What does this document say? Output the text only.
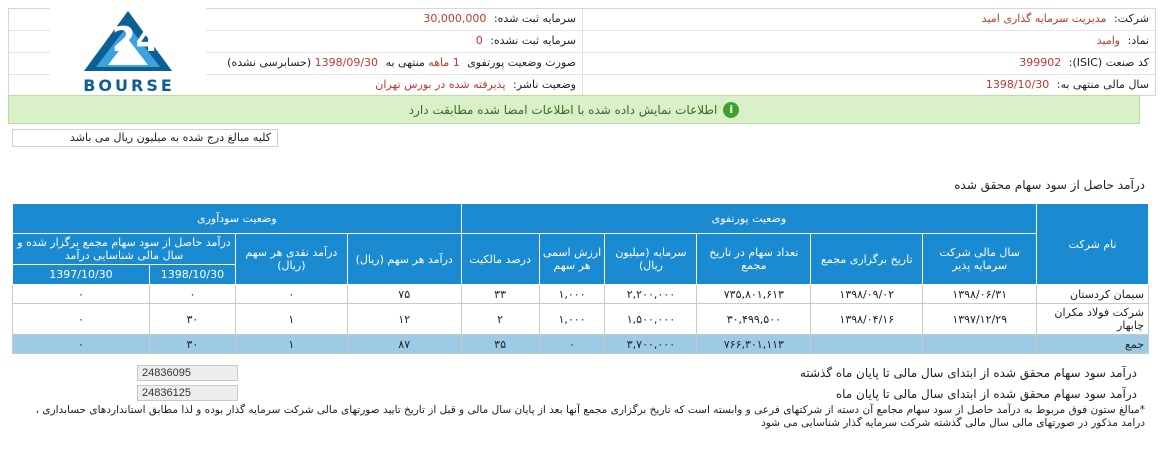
شرکت: مدیریت سرمایه گذاری امید
سرمایه ثبت شده: 30,000,000
نماد: وامید
سرمایه ثبت نشده: 0
کد صنعت (ISIC): 399902
صورت وضعیت پورتفوی 1 ماهه منتهی به 1398/09/30 (حسابرسی نشده)
سال مالی منتهی به: 1398/10/30
وضعیت ناشر: پذیرفته شده در بورس تهران
24
BOURSE
i
اطلاعات نمایش داده شده با اطلاعات امضا شده مطابقت دارد
کلیه مبالغ درج شده به میلیون ریال می باشد
درآمد حاصل از سود سهام محقق شده
نام شرکت	وضعیت پورتفوی						وضعیت سودآوری			
	سال مالی شرکت سرمایه پذیر	تاریخ برگزاری مجمع	تعداد سهام در تاریخ مجمع	سرمایه (میلیون ریال)	ارزش اسمی هر سهم	درصد مالکیت	درآمد هر سهم (ریال)	درآمد نقدی هر سهم (ریال)	درآمد حاصل از سود سهام مجمع برگزار شده و سال مالی شناسایی درآمد	
									1398/10/30	1397/10/30
سیمان کردستان	۱۳۹۸/۰۶/۳۱	۱۳۹۸/۰۹/۰۲	۷۳۵,۸۰۱,۶۱۳	۲,۲۰۰,۰۰۰	۱,۰۰۰	۳۳	۷۵	۰	۰	۰
شرکت فولاد مکران چابهار	۱۳۹۷/۱۲/۲۹	۱۳۹۸/۰۴/۱۶	۳۰,۴۹۹,۵۰۰	۱,۵۰۰,۰۰۰	۱,۰۰۰	۲	۱۲	۱	۳۰	۰
جمع			۷۶۶,۳۰۱,۱۱۳	۳,۷۰۰,۰۰۰	۰	۳۵	۸۷	۱	۳۰	۰
24836095
درآمد سود سهام محقق شده از ابتدای سال مالی تا پایان ماه گذشته
24836125
درآمد سود سهام محقق شده از ابتدای سال مالی تا پایان ماه
*مبالغ ستون فوق مربوط به درآمد حاصل از سود سهام مجامع آن دسته از شرکتهای فرعی و وابسته است که تاریخ برگزاری مجمع آنها بعد از پایان سال مالی و قبل از تاریخ تایید صورتهای مالی شرکت سرمایه گذار بوده و لذا مطابق استانداردهای حسابداری ،
درامد مذکور در صورتهای مالی سال مالی گذشته شرکت سرمایه گذار شناسایی می شود
